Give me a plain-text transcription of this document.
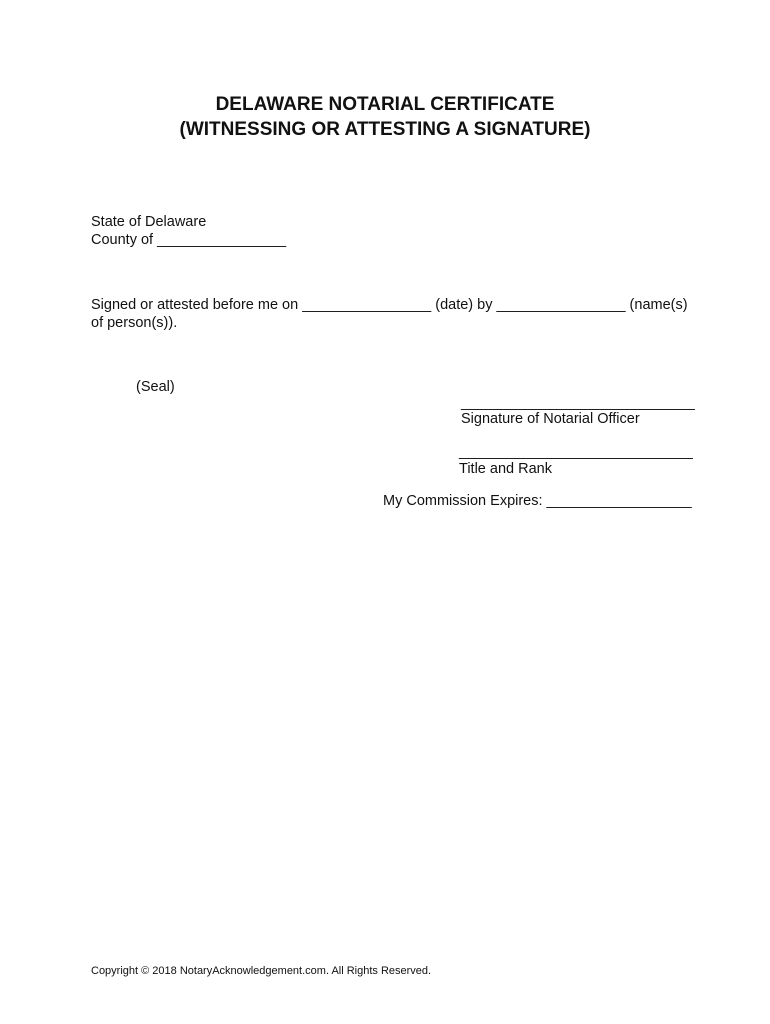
DELAWARE NOTARIAL CERTIFICATE
(WITNESSING OR ATTESTING A SIGNATURE)
State of Delaware
County of ________________
Signed or attested before me on ________________ (date) by ________________ (name(s)
of person(s)).
(Seal)
_____________________________
Signature of Notarial Officer
_____________________________
Title and Rank
My Commission Expires: __________________
Copyright © 2018 NotaryAcknowledgement.com. All Rights Reserved.
